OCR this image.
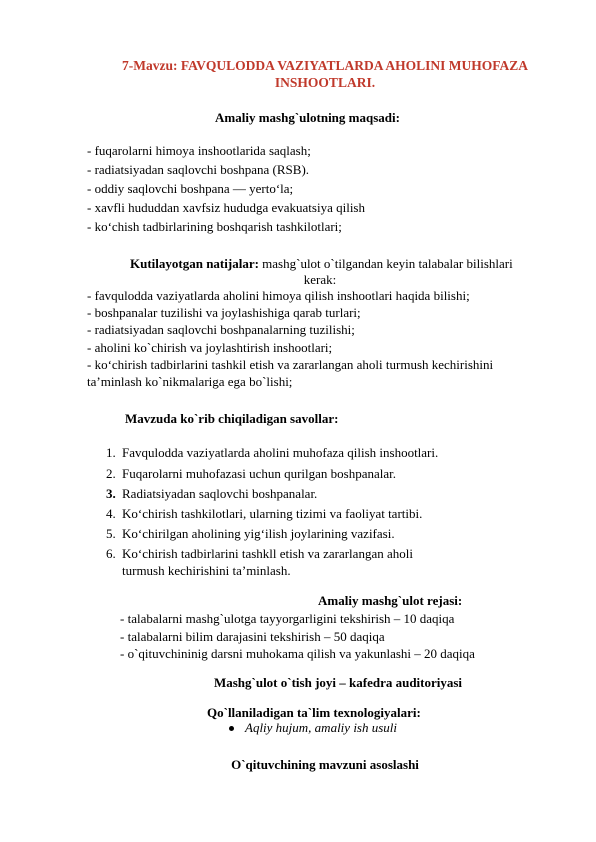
7-Mavzu: FAVQULODDA VAZIYATLARDA AHOLINI MUHOFAZA
INSHOOTLARI.
Amaliy mashg`ulotning maqsadi:
- fuqarolarni himoya inshootlarida saqlash;
- radiatsiyadan saqlovchi boshpana (RSB).
- oddiy saqlovchi boshpana — yerto‘la;
- xavfli hududdan xavfsiz hududga evakuatsiya qilish
- ko‘chish tadbirlarining boshqarish tashkilotlari;
Kutilayotgan natijalar: mashg`ulot o`tilgandan keyin talabalar bilishlari
kerak:
- favqulodda vaziyatlarda aholini himoya qilish inshootlari haqida bilishi;
- boshpanalar tuzilishi va joylashishiga qarab turlari;
- radiatsiyadan saqlovchi boshpanalarning tuzilishi;
- aholini ko`chirish va joylashtirish inshootlari;
- ko‘chirish tadbirlarini tashkil etish va zararlangan aholi turmush kechirishini
ta’minlash ko`nikmalariga ega bo`lishi;
Mavzuda ko`rib chiqiladigan savollar:
1. Favqulodda vaziyatlarda aholini muhofaza qilish inshootlari.
2. Fuqarolarni muhofazasi uchun qurilgan boshpanalar.
3. Radiatsiyadan saqlovchi boshpanalar.
4. Ko‘chirish tashkilotlari, ularning tizimi va faoliyat tartibi.
5. Ko‘chirilgan aholining yig‘ilish joylarining vazifasi.
6. Ko‘chirish tadbirlarini tashkll etish va zararlangan aholi
turmush kechirishini ta’minlash.
Amaliy mashg`ulot rejasi:
- talabalarni mashg`ulotga tayyorgarligini tekshirish – 10 daqiqa
- talabalarni bilim darajasini tekshirish – 50 daqiqa
- o`qituvchininig darsni muhokama qilish va yakunlashi – 20 daqiqa
Mashg`ulot o`tish joyi – kafedra auditoriyasi
Qo`llaniladigan ta`lim texnologiyalari:
Aqliy hujum, amaliy ish usuli
O`qituvchining mavzuni asoslashi
